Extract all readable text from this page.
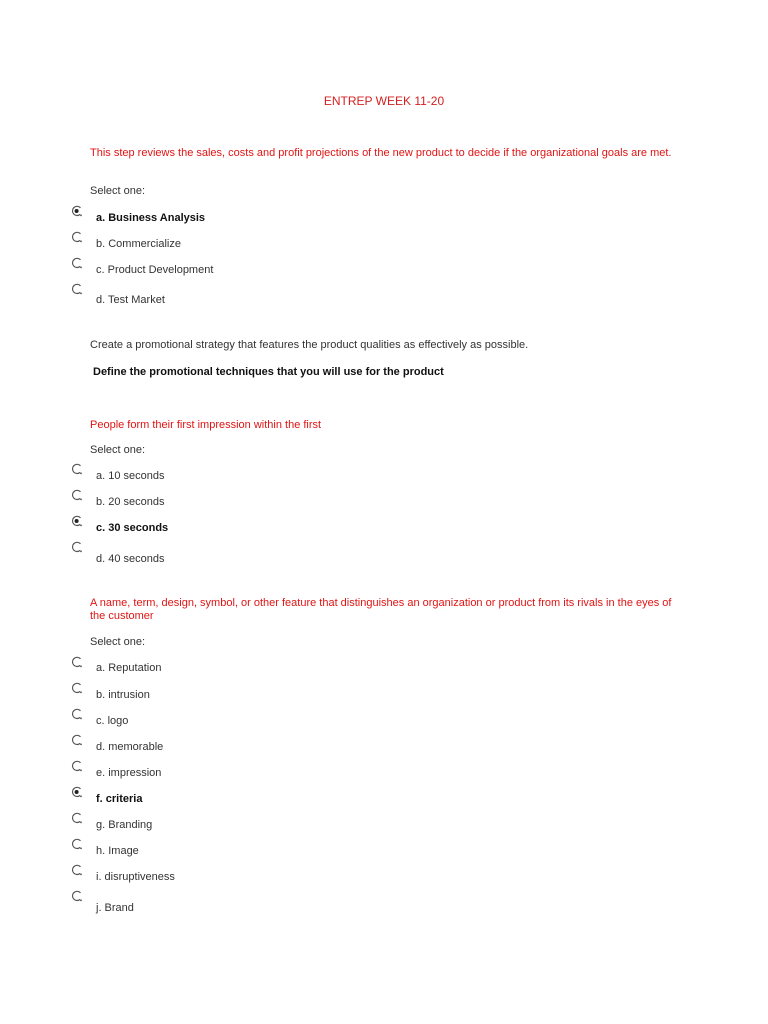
ENTREP WEEK 11-20
This step reviews the sales, costs and profit projections of the new product to decide if the organizational goals are met.
Select one:
a. Business Analysis
b. Commercialize
c. Product Development
d. Test Market
Create a promotional strategy that features the product qualities as effectively as possible.
Define the promotional techniques that you will use for the product
People form their first impression within the first
Select one:
a. 10 seconds
b. 20 seconds
c. 30 seconds
d. 40 seconds
A name, term, design, symbol, or other feature that distinguishes an organization or product from its rivals in the eyes of the customer
Select one:
a. Reputation
b. intrusion
c. logo
d. memorable
e. impression
f. criteria
g. Branding
h. Image
i. disruptiveness
j. Brand
